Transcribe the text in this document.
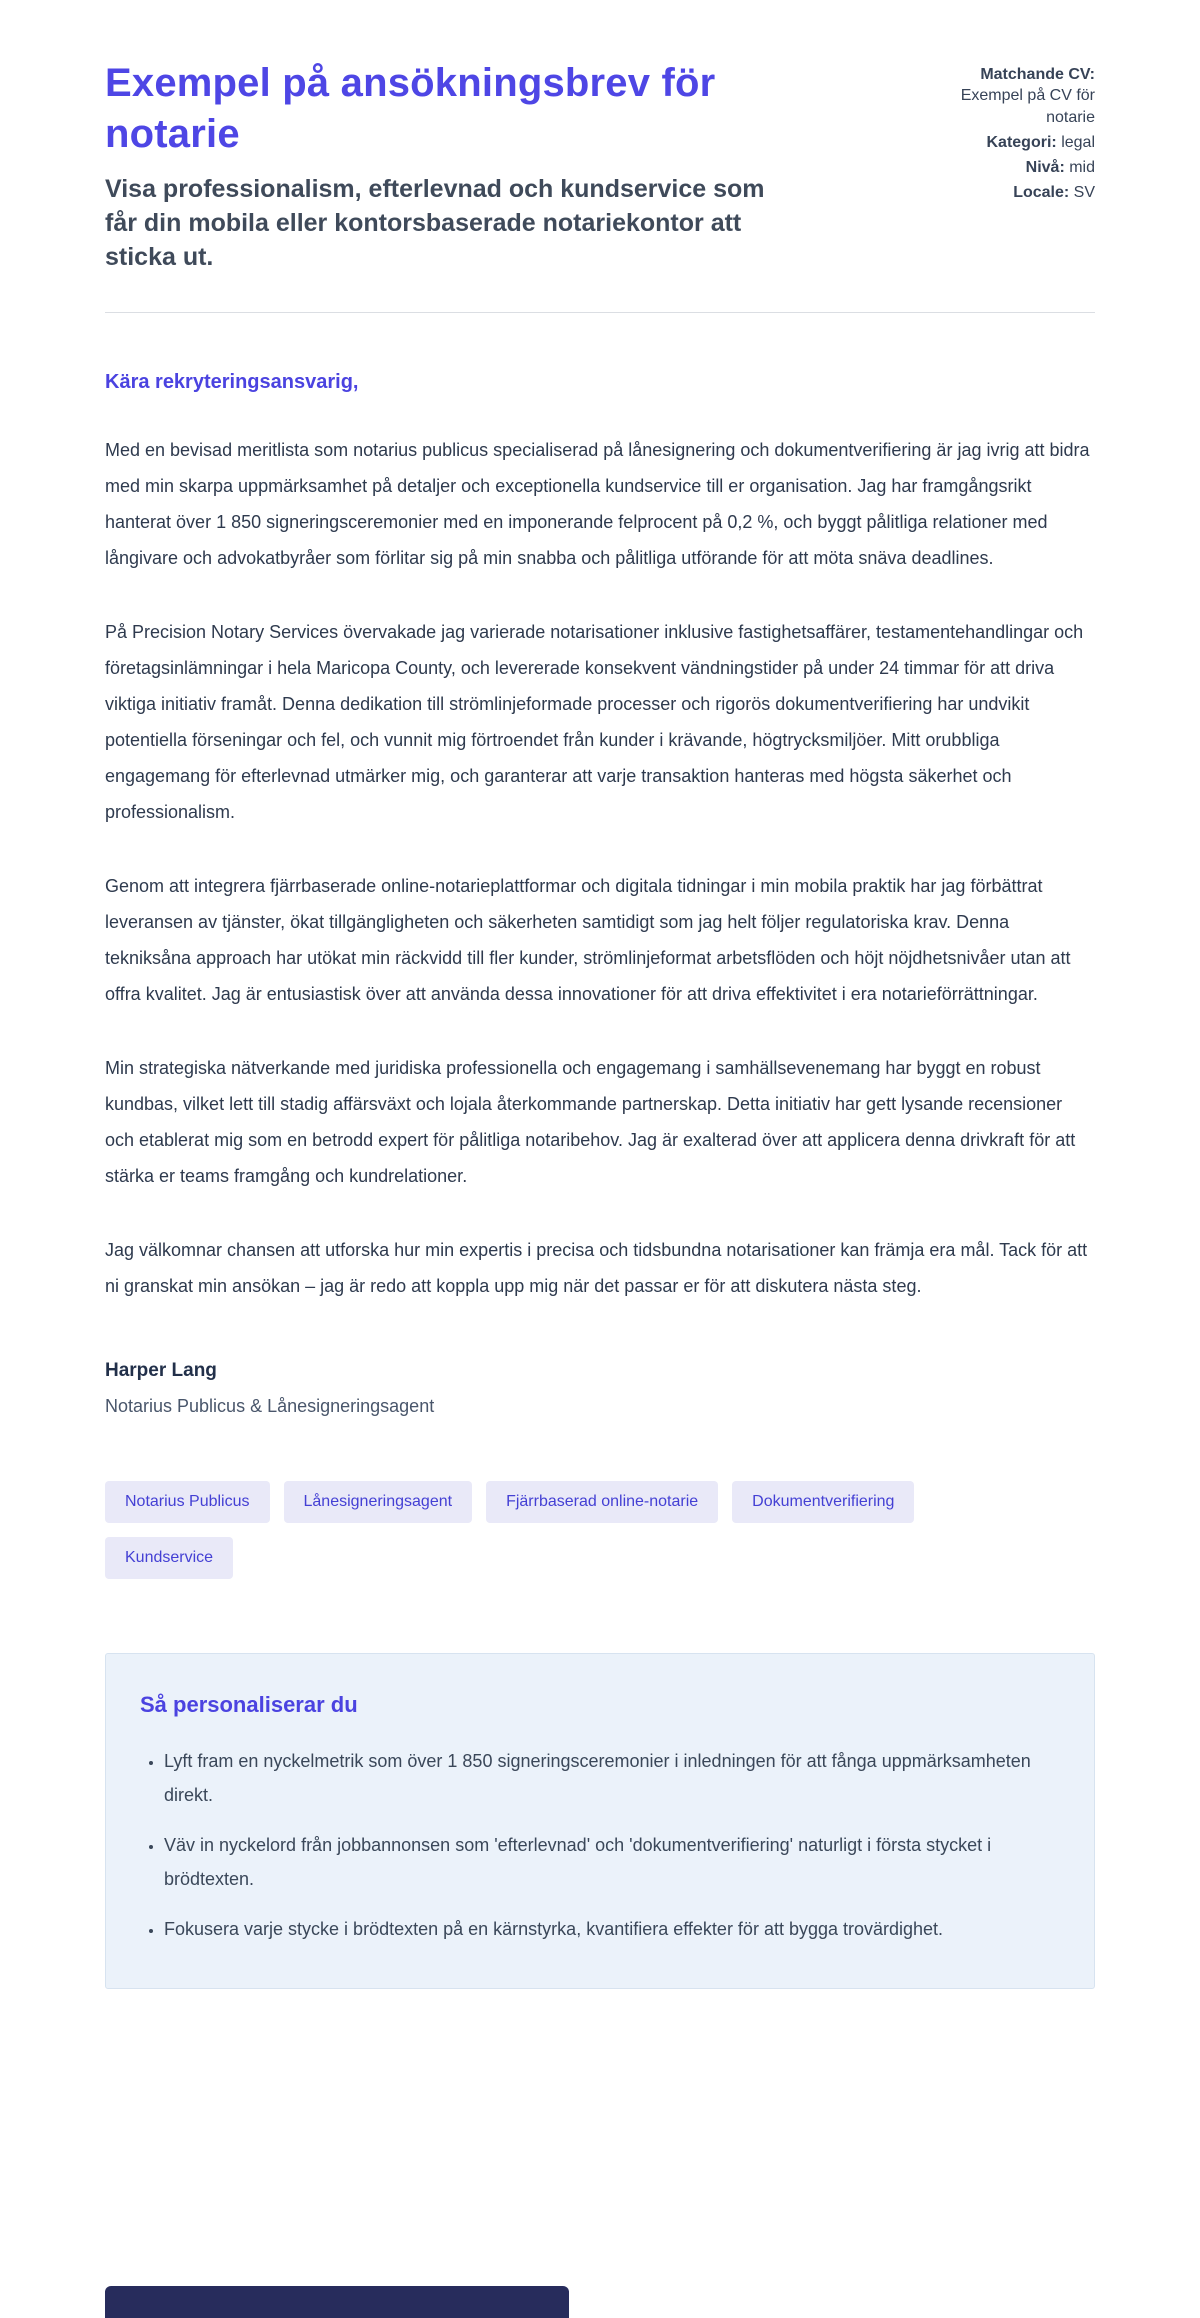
Exempel på ansökningsbrev för notarie

Visa professionalism, efterlevnad och kundservice som får din mobila eller kontorsbaserade notariekontor att sticka ut.

Matchande CV: Exempel på CV för notarie
Kategori: legal
Nivå: mid
Locale: SV
Kära rekryteringsansvarig,

Med en bevisad meritlista som notarius publicus specialiserad på lånesignering och dokumentverifiering är jag ivrig att bidra med min skarpa uppmärksamhet på detaljer och exceptionella kundservice till er organisation. Jag har framgångsrikt hanterat över 1 850 signeringsceremonier med en imponerande felprocent på 0,2 %, och byggt pålitliga relationer med långivare och advokatbyråer som förlitar sig på min snabba och pålitliga utförande för att möta snäva deadlines.

På Precision Notary Services övervakade jag varierade notarisationer inklusive fastighetsaffärer, testamentehandlingar och företagsinlämningar i hela Maricopa County, och levererade konsekvent vändningstider på under 24 timmar för att driva viktiga initiativ framåt. Denna dedikation till strömlinjeformade processer och rigorös dokumentverifiering har undvikit potentiella förseningar och fel, och vunnit mig förtroendet från kunder i krävande, högtrycksmiljöer. Mitt orubbliga engagemang för efterlevnad utmärker mig, och garanterar att varje transaktion hanteras med högsta säkerhet och professionalism.

Genom att integrera fjärrbaserade online-notarieplattformar och digitala tidningar i min mobila praktik har jag förbättrat leveransen av tjänster, ökat tillgängligheten och säkerheten samtidigt som jag helt följer regulatoriska krav. Denna tekniksåna approach har utökat min räckvidd till fler kunder, strömlinjeformat arbetsflöden och höjt nöjdhetsnivåer utan att offra kvalitet. Jag är entusiastisk över att använda dessa innovationer för att driva effektivitet i era notarieförrättningar.

Min strategiska nätverkande med juridiska professionella och engagemang i samhällsevenemang har byggt en robust kundbas, vilket lett till stadig affärsväxt och lojala återkommande partnerskap. Detta initiativ har gett lysande recensioner och etablerat mig som en betrodd expert för pålitliga notaribehov. Jag är exalterad över att applicera denna drivkraft för att stärka er teams framgång och kundrelationer.

Jag välkomnar chansen att utforska hur min expertis i precisa och tidsbundna notarisationer kan främja era mål. Tack för att ni granskat min ansökan – jag är redo att koppla upp mig när det passar er för att diskutera nästa steg.

Harper Lang
Notarius Publicus & Lånesigneringsagent
Notarius Publicus	Lånesigneringsagent	Fjärrbaserad online-notarie	Dokumentverifiering
Kundservice
Så personaliserar du
• Lyft fram en nyckelmetrik som över 1 850 signeringsceremonier i inledningen för att fånga uppmärksamheten direkt.
• Väv in nyckelord från jobbannonsen som 'efterlevnad' och 'dokumentverifiering' naturligt i första stycket i brödtexten.
• Fokusera varje stycke i brödtexten på en kärnstyrka, kvantifiera effekter för att bygga trovärdighet.
